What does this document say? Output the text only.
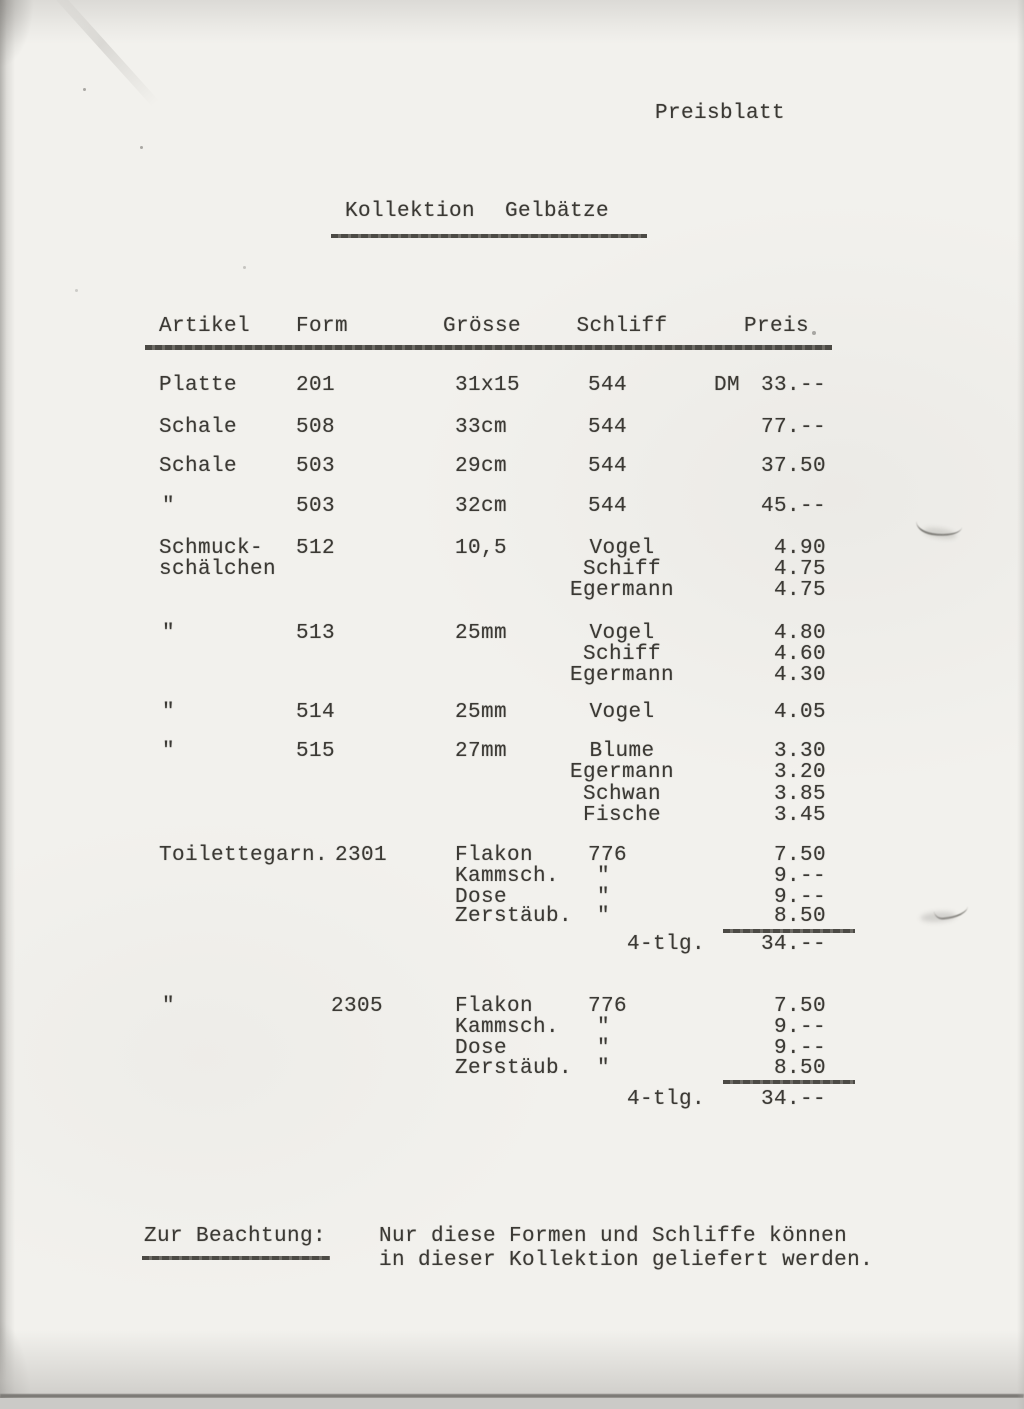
Preisblatt
Kollektion Gelbätze
Artikel Form	Grösse	Schliff	Preis
Platte	201	31x15	544	DM 33.--
Schale	508	33cm	544	77.--
Schale	503	29cm	544	37.50
"	503	32cm	544	45.--
Schmuck- 512	10,5	Vogel	4.90
schälchen	Schiff	4.75
Egermann	4.75
"	513	25mm	Vogel	4.80
Schiff	4.60
Egermann	4.30
"	514	25mm	Vogel	4.05
"	515	27mm	Blume	3.30
Egermann	3.20
Schwan	3.85
Fische	3.45
Toilettegarn. 2301	Flakon	776	7.50
Kammsch. "	9.--
Dose	"	9.--
Zerstäub. "	8.50
4-tlg.	34.--
"	2305	Flakon	776	7.50
Kammsch. "	9.--
Dose	"	9.--
Zerstäub. "	8.50
4-tlg.	34.--
Zur Beachtung:	Nur diese Formen und Schliffe können
in dieser Kollektion geliefert werden.
